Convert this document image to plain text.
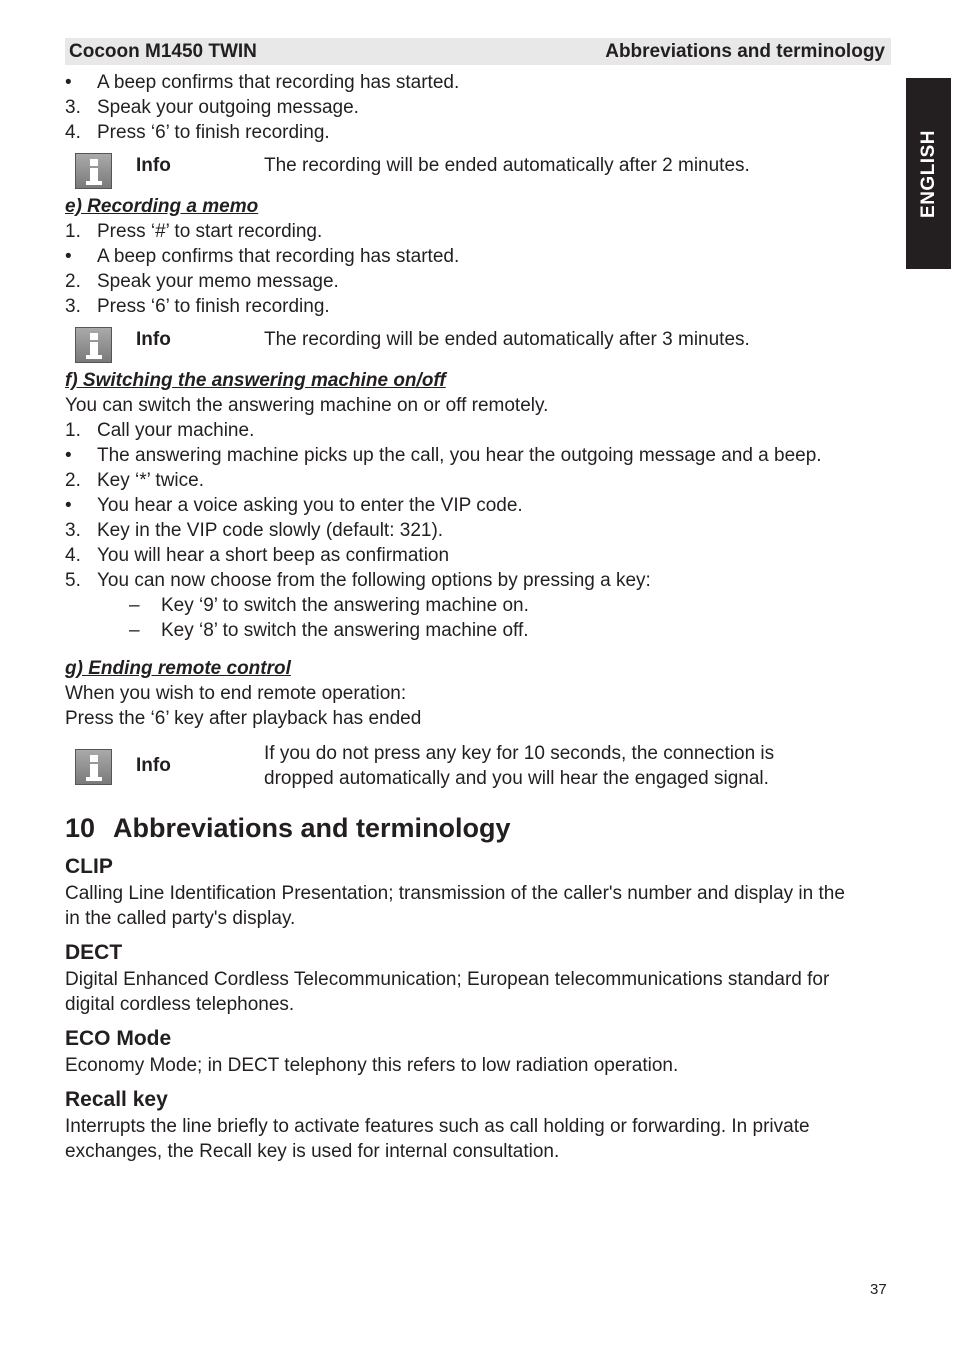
Cocoon M1450 TWIN	Abbreviations and terminology
ENGLISH
• A beep confirms that recording has started.
3. Speak your outgoing message.
4. Press ‘6’ to finish recording.
Info	The recording will be ended automatically after 2 minutes.
e) Recording a memo
1. Press ‘#’ to start recording.
• A beep confirms that recording has started.
2. Speak your memo message.
3. Press ‘6’ to finish recording.
Info	The recording will be ended automatically after 3 minutes.
f) Switching the answering machine on/off
You can switch the answering machine on or off remotely.
1. Call your machine.
• The answering machine picks up the call, you hear the outgoing message and a beep.
2. Key ‘*’ twice.
• You hear a voice asking you to enter the VIP code.
3. Key in the VIP code slowly (default: 321).
4. You will hear a short beep as confirmation
5. You can now choose from the following options by pressing a key:
– Key ‘9’ to switch the answering machine on.
– Key ‘8’ to switch the answering machine off.
g) Ending remote control
When you wish to end remote operation:
Press the ‘6’ key after playback has ended
Info
If you do not press any key for 10 seconds, the connection is
dropped automatically and you will hear the engaged signal.
10 Abbreviations and terminology
CLIP
Calling Line Identification Presentation; transmission of the caller's number and display in the
in the called party's display.
DECT
Digital Enhanced Cordless Telecommunication; European telecommunications standard for
digital cordless telephones.
ECO Mode
Economy Mode; in DECT telephony this refers to low radiation operation.
Recall key
Interrupts the line briefly to activate features such as call holding or forwarding. In private
exchanges, the Recall key is used for internal consultation.
37
